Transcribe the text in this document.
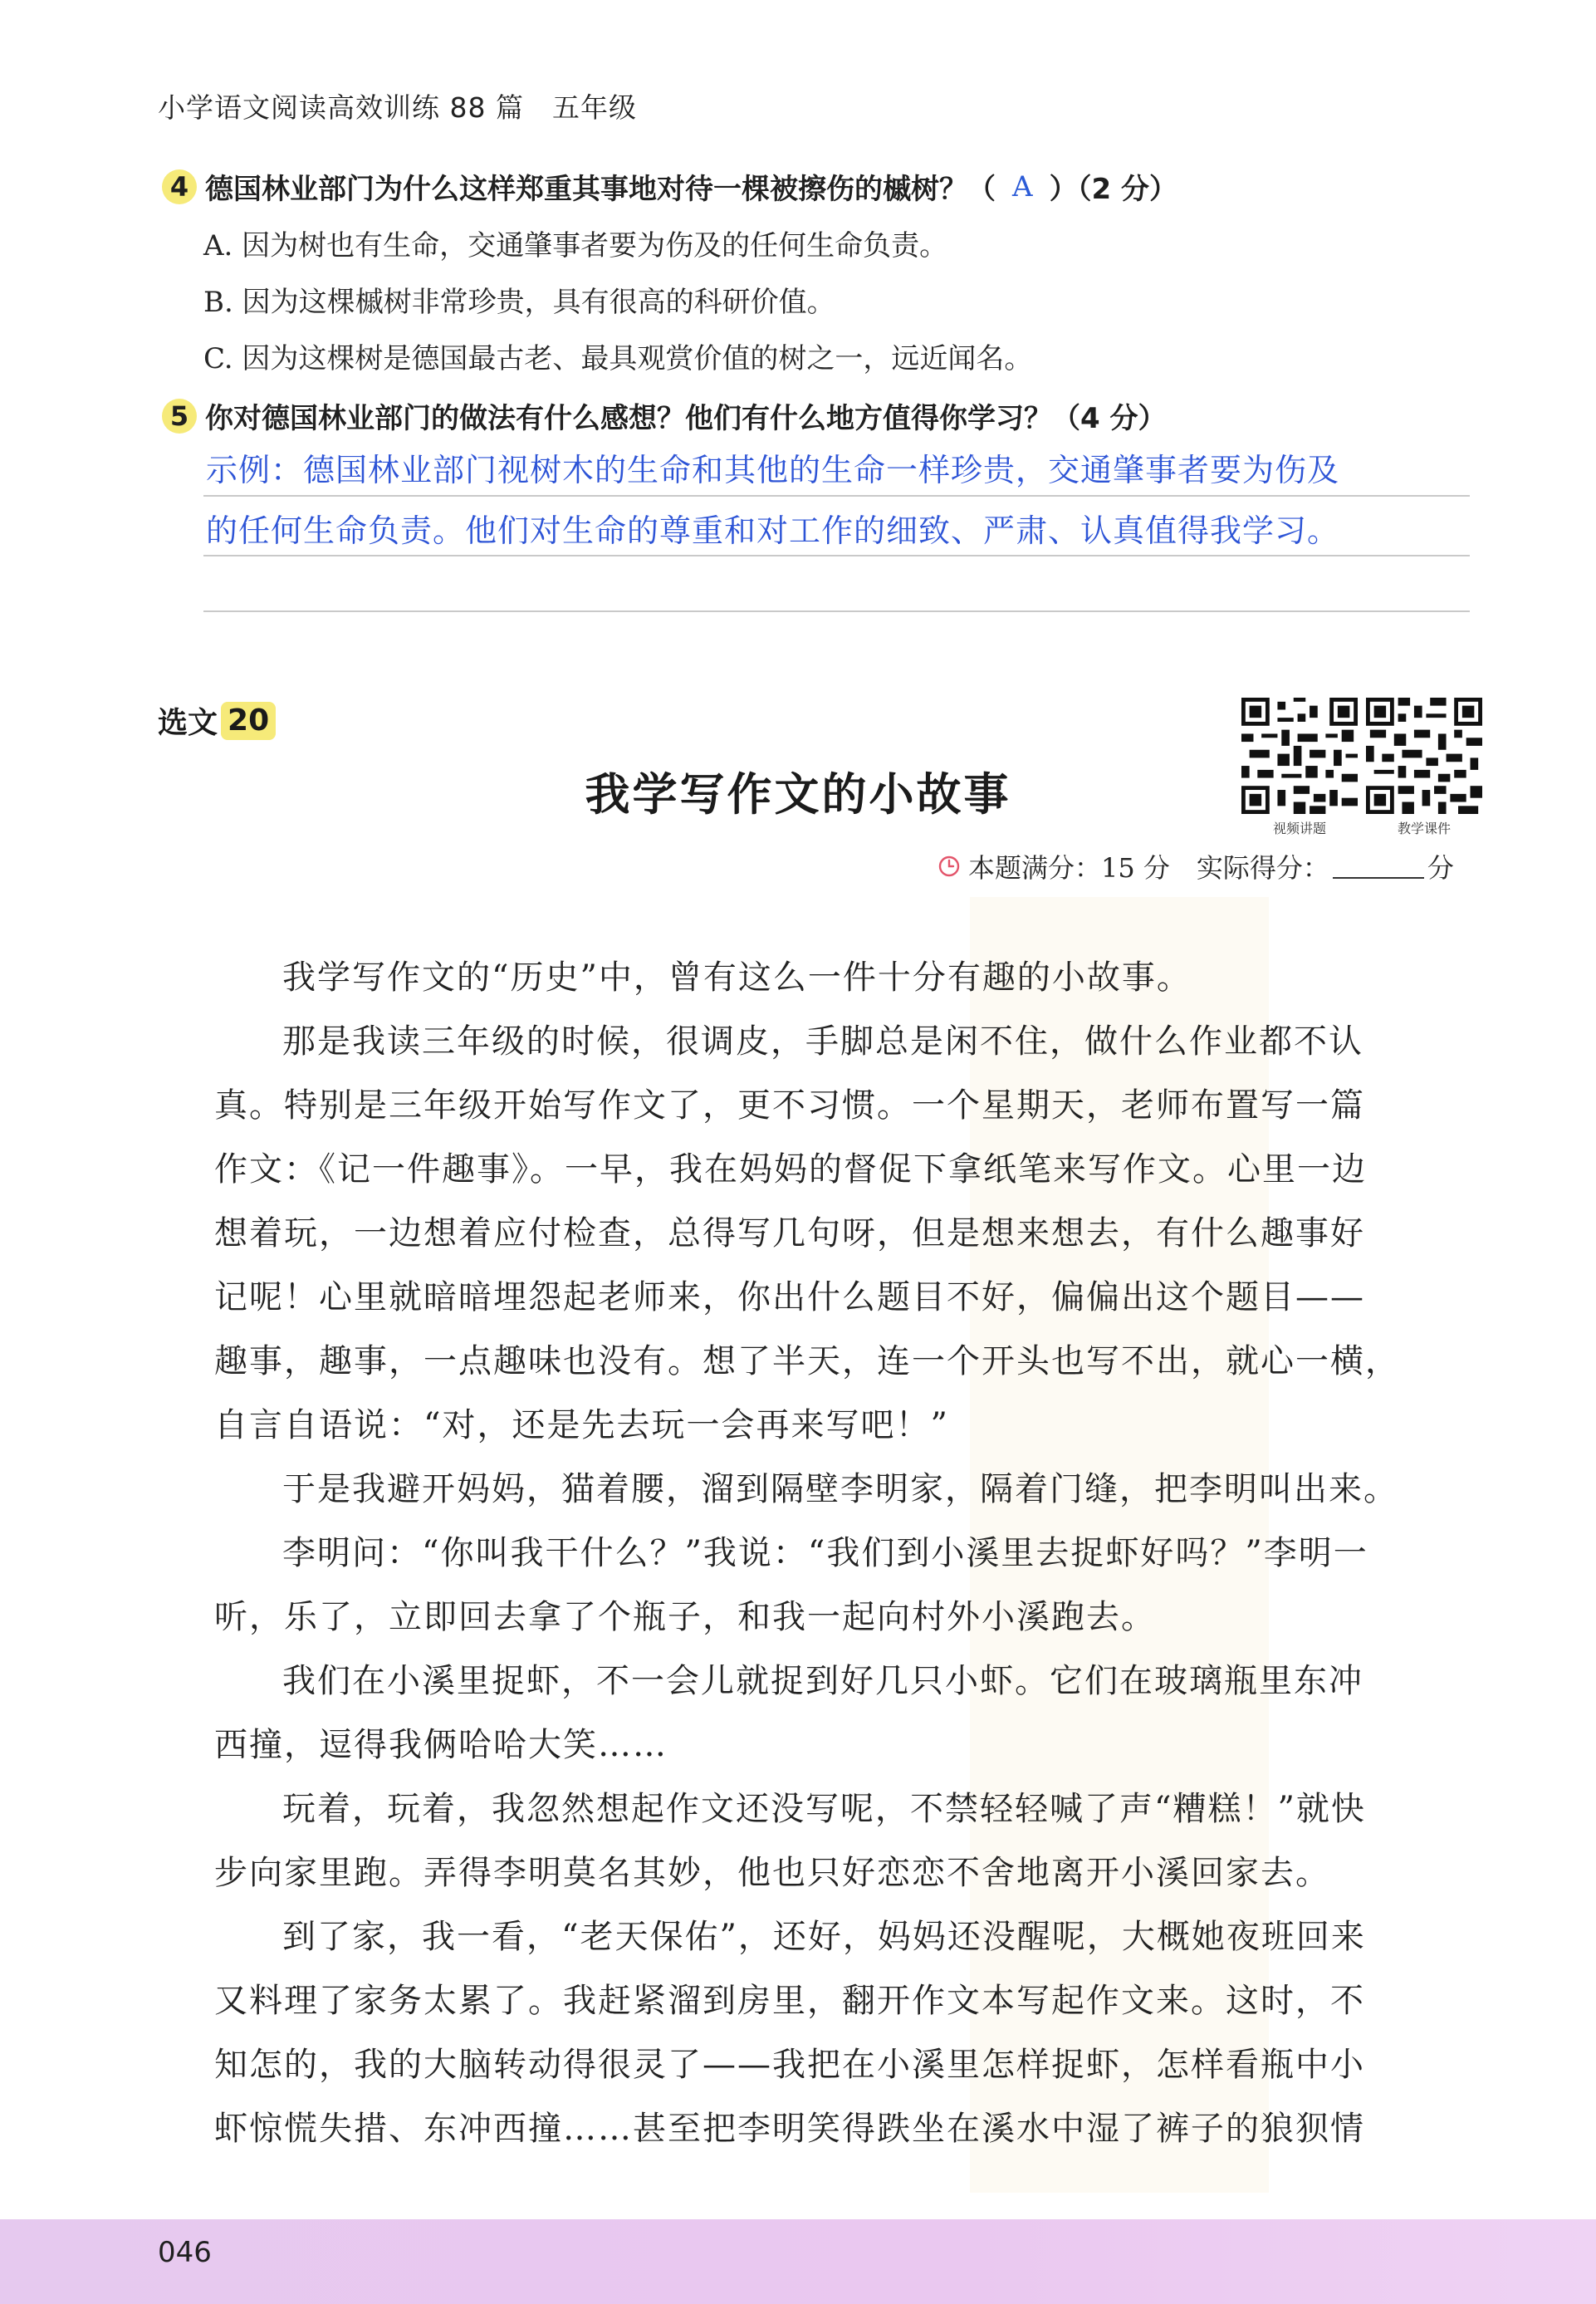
小学语文阅读高效训练 88 篇　五年级
4 德国林业部门为什么这样郑重其事地对待一棵被擦伤的槭树？（ A ）（2 分）
A. 因为树也有生命，交通肇事者要为伤及的任何生命负责。
B. 因为这棵槭树非常珍贵，具有很高的科研价值。
C. 因为这棵树是德国最古老、最具观赏价值的树之一，远近闻名。
5 你对德国林业部门的做法有什么感想？他们有什么地方值得你学习？（4 分）
示例：德国林业部门视树木的生命和其他的生命一样珍贵，交通肇事者要为伤及
的任何生命负责。他们对生命的尊重和对工作的细致、严肃、认真值得我学习。
选文 20
我学写作文的小故事
视频讲题	教学课件
本题满分：15 分　实际得分：	分
我学写作文的“历史”中，曾有这么一件十分有趣的小故事。
那是我读三年级的时候，很调皮，手脚总是闲不住，做什么作业都不认
真。特别是三年级开始写作文了，更不习惯。一个星期天，老师布置写一篇
作文：《记一件趣事》。一早，我在妈妈的督促下拿纸笔来写作文。心里一边
想着玩，一边想着应付检查，总得写几句呀，但是想来想去，有什么趣事好
记呢！心里就暗暗埋怨起老师来，你出什么题目不好，偏偏出这个题目——
趣事，趣事，一点趣味也没有。想了半天，连一个开头也写不出，就心一横，
自言自语说：“对，还是先去玩一会再来写吧！”
于是我避开妈妈，猫着腰，溜到隔壁李明家，隔着门缝，把李明叫出来。
李明问：“你叫我干什么？”我说：“我们到小溪里去捉虾好吗？”李明一
听，乐了，立即回去拿了个瓶子，和我一起向村外小溪跑去。
我们在小溪里捉虾，不一会儿就捉到好几只小虾。它们在玻璃瓶里东冲
西撞，逗得我俩哈哈大笑……
玩着，玩着，我忽然想起作文还没写呢，不禁轻轻喊了声“糟糕！”就快
步向家里跑。弄得李明莫名其妙，他也只好恋恋不舍地离开小溪回家去。
到了家，我一看，“老天保佑”，还好，妈妈还没醒呢，大概她夜班回来
又料理了家务太累了。我赶紧溜到房里，翻开作文本写起作文来。这时，不
知怎的，我的大脑转动得很灵了——我把在小溪里怎样捉虾，怎样看瓶中小
虾惊慌失措、东冲西撞……甚至把李明笑得跌坐在溪水中湿了裤子的狼狈情
046
